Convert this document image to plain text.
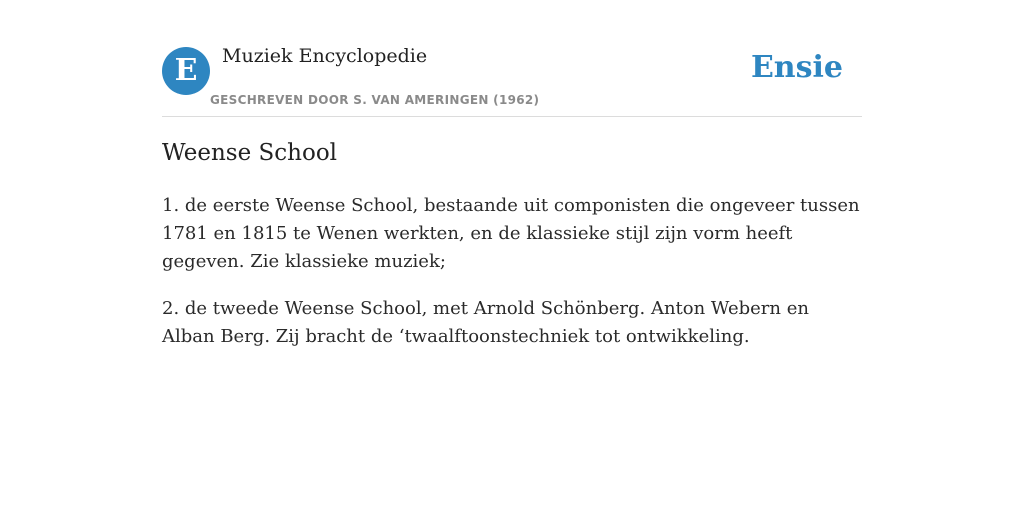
E	Muziek Encyclopedie
GESCHREVEN DOOR S. VAN AMERINGEN (1962)
Ensie
Weense School

1. de eerste Weense School, bestaande uit componisten die ongeveer tussen 1781 en 1815 te Wenen werkten, en de klassieke stijl zijn vorm heeft gegeven. Zie klassieke muziek;

2. de tweede Weense School, met Arnold Schönberg. Anton Webern en Alban Berg. Zij bracht de ‘twaalftoonstechniek tot ontwikkeling.
